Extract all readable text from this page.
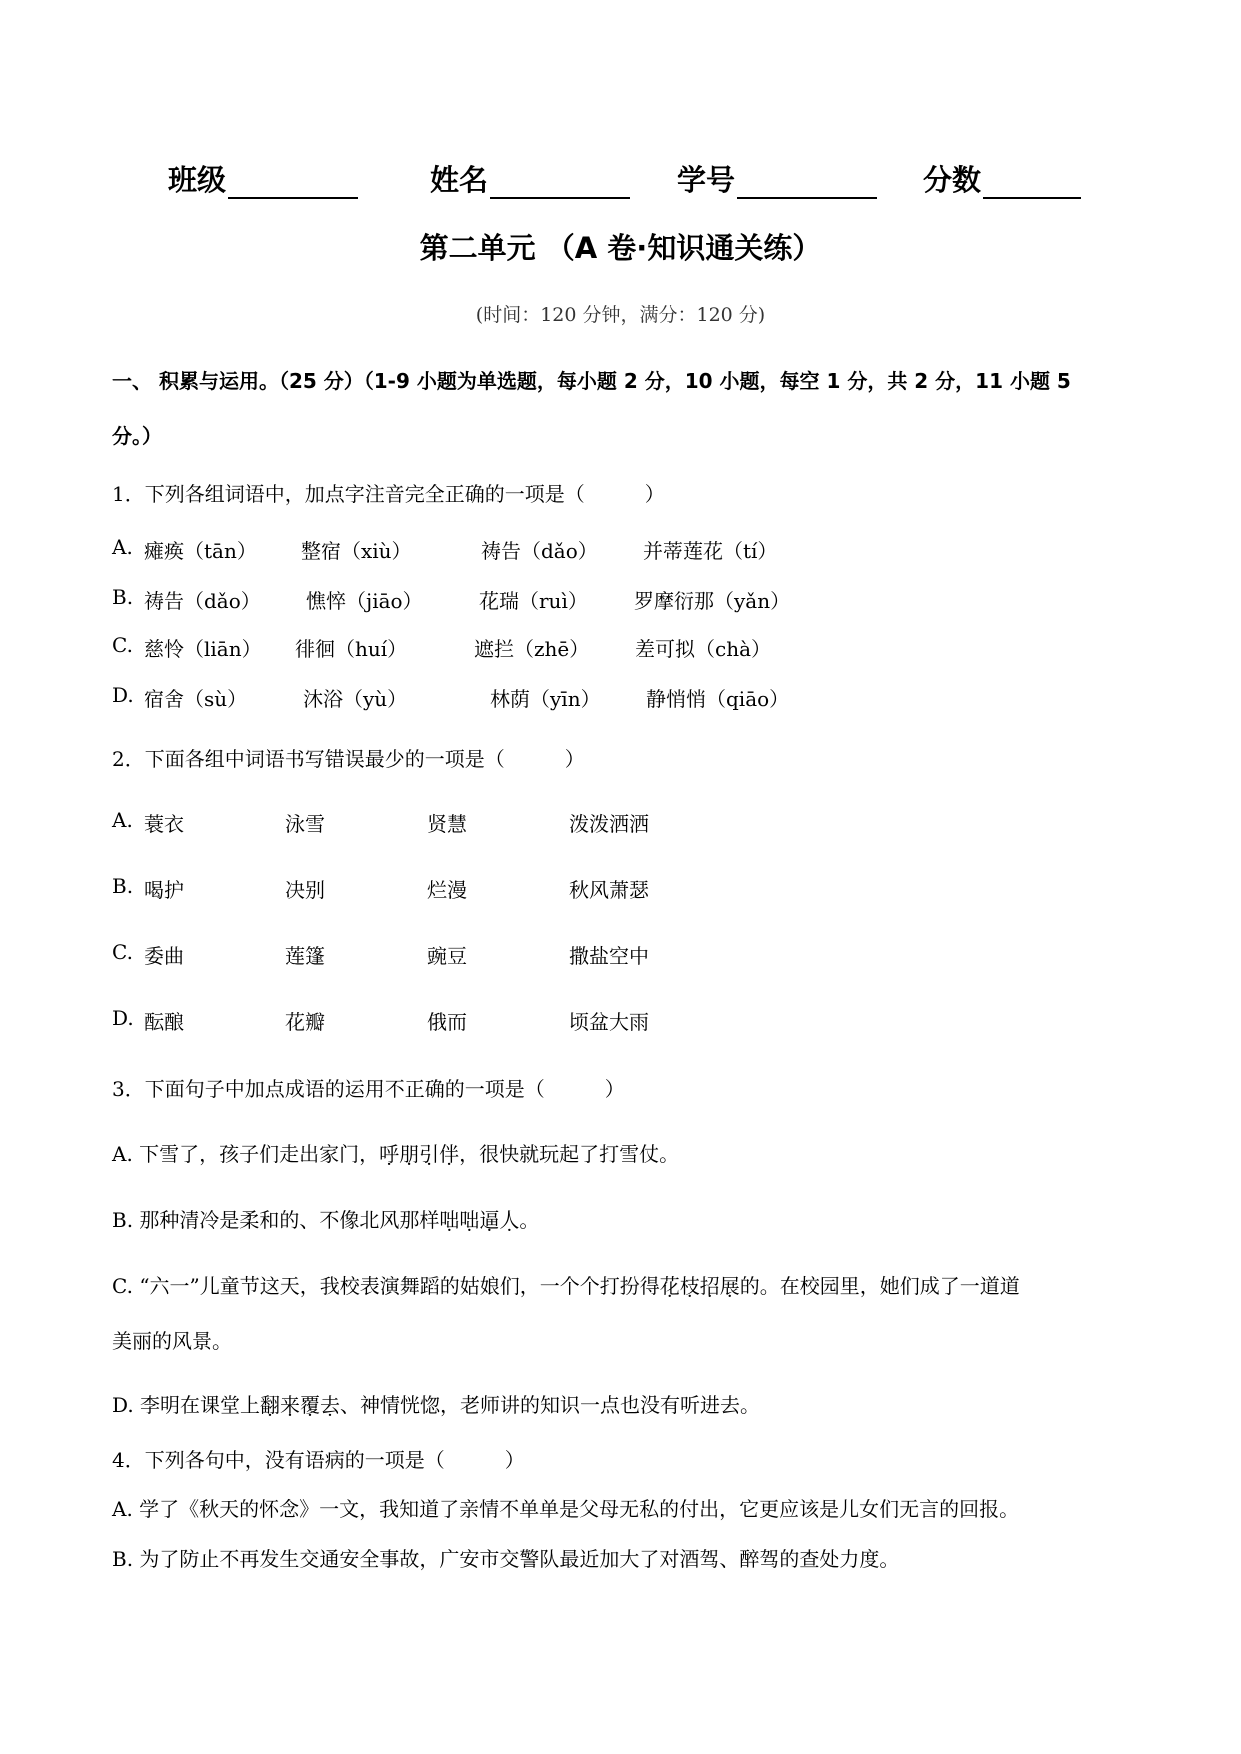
班级	姓名	学号	分数
第二单元 （A 卷·知识通关练）
(时间：120 分钟，满分：120 分)
一、 积累与运用。（25 分）（1-9 小题为单选题，每小题 2 分，10 小题，每空 1 分，共 2 分，11 小题 5
分。）
1．下列各组词语中，加点字注音完全正确的一项是（　　　）
A. 瘫痪（tān） 整宿（xiù）	祷告（dǎo） 并蒂莲花（tí）
B. 祷告（dǎo） 憔悴（jiāo）	花瑞（ruì） 罗摩衍那（yǎn）
C. 慈怜（liān） 徘徊（huí）	遮拦（zhē） 差可拟（chà）
D. 宿舍（sù）	沐浴（yù）	林荫（yīn） 静悄悄（qiāo）
2．下面各组中词语书写错误最少的一项是（　　　）
A. 蓑衣	泳雪	贤慧	泼泼洒洒
B. 喝护	决别	烂漫	秋风萧瑟
C. 委曲	莲篷	豌豆	撒盐空中
D. 酝酿	花瓣	俄而	顷盆大雨
3．下面句子中加点成语的运用不正确的一项是（　　　）
A. 下雪了，孩子们走出家门，呼朋引伴，很快就玩起了打雪仗。
B. 那种清冷是柔和的、不像北风那样咄咄逼人。
C. “六一”儿童节这天，我校表演舞蹈的姑娘们，一个个打扮得花枝招展的。在校园里，她们成了一道道
美丽的风景。
D. 李明在课堂上翻来覆去、神情恍惚，老师讲的知识一点也没有听进去。
4．下列各句中，没有语病的一项是（　　　）
A. 学了《秋天的怀念》一文，我知道了亲情不单单是父母无私的付出，它更应该是儿女们无言的回报。
B. 为了防止不再发生交通安全事故，广安市交警队最近加大了对酒驾、醉驾的查处力度。
